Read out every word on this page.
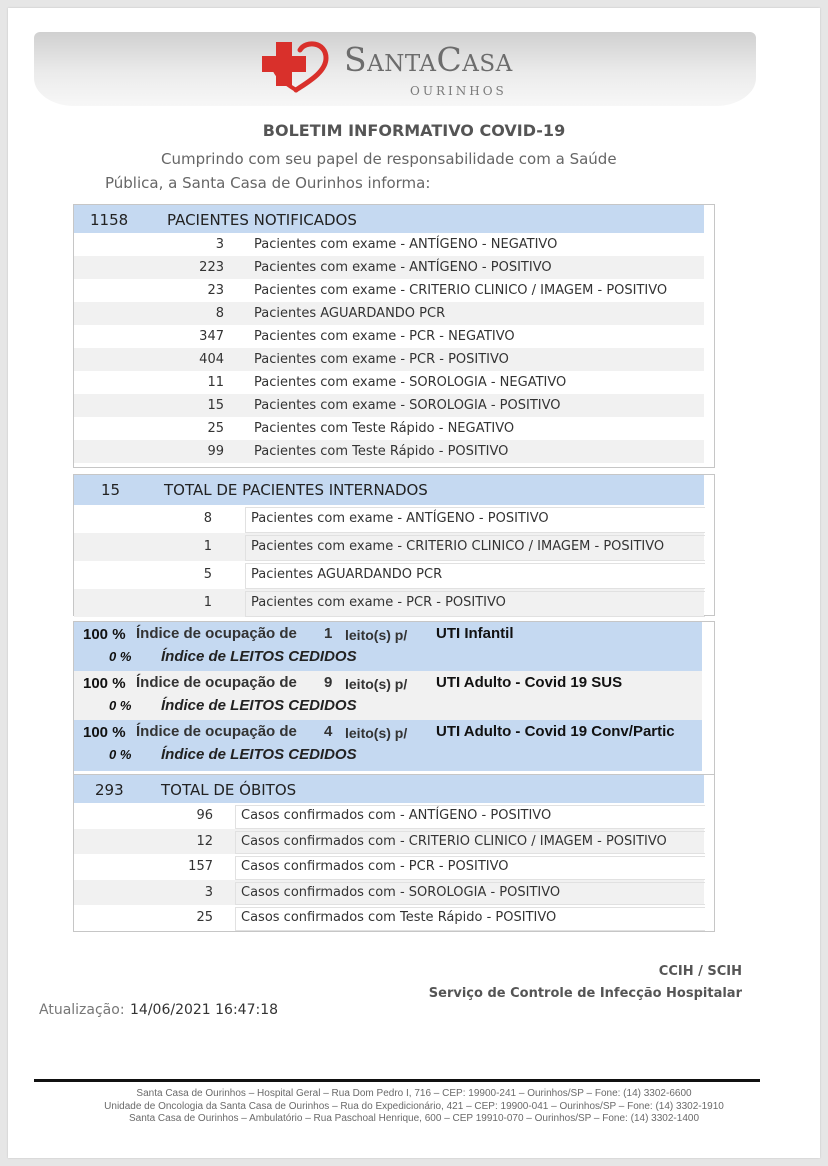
SantaCasa
OURINHOS
BOLETIM INFORMATIVO COVID-19
Cumprindo com seu papel de responsabilidade com a Saúde
Pública, a Santa Casa de Ourinhos informa:
1158	PACIENTES NOTIFICADOS
3 Pacientes com exame - ANTÍGENO - NEGATIVO
223 Pacientes com exame - ANTÍGENO - POSITIVO
23 Pacientes com exame - CRITERIO CLINICO / IMAGEM - POSITIVO
8 Pacientes AGUARDANDO PCR
347 Pacientes com exame - PCR - NEGATIVO
404 Pacientes com exame - PCR - POSITIVO
11 Pacientes com exame - SOROLOGIA - NEGATIVO
15 Pacientes com exame - SOROLOGIA - POSITIVO
25 Pacientes com Teste Rápido - NEGATIVO
99 Pacientes com Teste Rápido - POSITIVO
15	TOTAL DE PACIENTES INTERNADOS
8	Pacientes com exame - ANTÍGENO - POSITIVO
1	Pacientes com exame - CRITERIO CLINICO / IMAGEM - POSITIVO
5	Pacientes AGUARDANDO PCR
1	Pacientes com exame - PCR - POSITIVO
100 % Índice de ocupação de 1 leito(s) p/ UTI Infantil
0 % Índice de LEITOS CEDIDOS
100 % Índice de ocupação de 9 leito(s) p/ UTI Adulto - Covid 19 SUS
0 % Índice de LEITOS CEDIDOS
100 % Índice de ocupação de 4 leito(s) p/ UTI Adulto - Covid 19 Conv/Partic
0 % Índice de LEITOS CEDIDOS
293 TOTAL DE ÓBITOS
96 Casos confirmados com - ANTÍGENO - POSITIVO
12 Casos confirmados com - CRITERIO CLINICO / IMAGEM - POSITIVO
157 Casos confirmados com - PCR - POSITIVO
3 Casos confirmados com - SOROLOGIA - POSITIVO
25 Casos confirmados com Teste Rápido - POSITIVO
CCIH / SCIH
Serviço de Controle de Infecção Hospitalar
Atualização: 14/06/2021 16:47:18
Santa Casa de Ourinhos – Hospital Geral – Rua Dom Pedro I, 716 – CEP: 19900-241 – Ourinhos/SP – Fone: (14) 3302-6600
Unidade de Oncologia da Santa Casa de Ourinhos – Rua do Expedicionário, 421 – CEP: 19900-041 – Ourinhos/SP – Fone: (14) 3302-1910
Santa Casa de Ourinhos – Ambulatório – Rua Paschoal Henrique, 600 – CEP 19910-070 – Ourinhos/SP – Fone: (14) 3302-1400
